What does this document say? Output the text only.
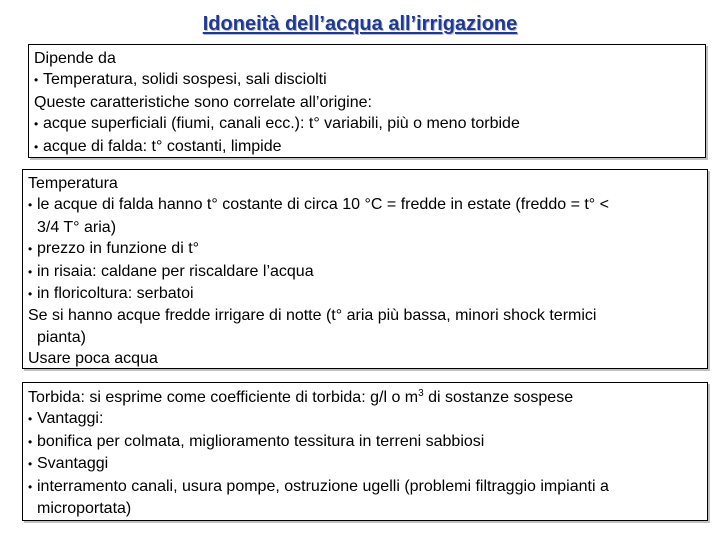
Idoneità dell’acqua all’irrigazione
Dipende da
• Temperatura, solidi sospesi, sali disciolti
Queste caratteristiche sono correlate all’origine:
• acque superficiali (fiumi, canali ecc.): t° variabili, più o meno torbide
• acque di falda: t° costanti, limpide
Temperatura
• le acque di falda hanno t° costante di circa 10 °C = fredde in estate (freddo = t° <
3/4 T° aria)
• prezzo in funzione di t°
• in risaia: caldane per riscaldare l’acqua
• in floricoltura: serbatoi
Se si hanno acque fredde irrigare di notte (t° aria più bassa, minori shock termici
pianta)
Usare poca acqua
Torbida: si esprime come coefficiente di torbida: g/l o $m^3$ di sostanze sospese
• Vantaggi:
• bonifica per colmata, miglioramento tessitura in terreni sabbiosi
• Svantaggi
• interramento canali, usura pompe, ostruzione ugelli (problemi filtraggio impianti a
microportata)
